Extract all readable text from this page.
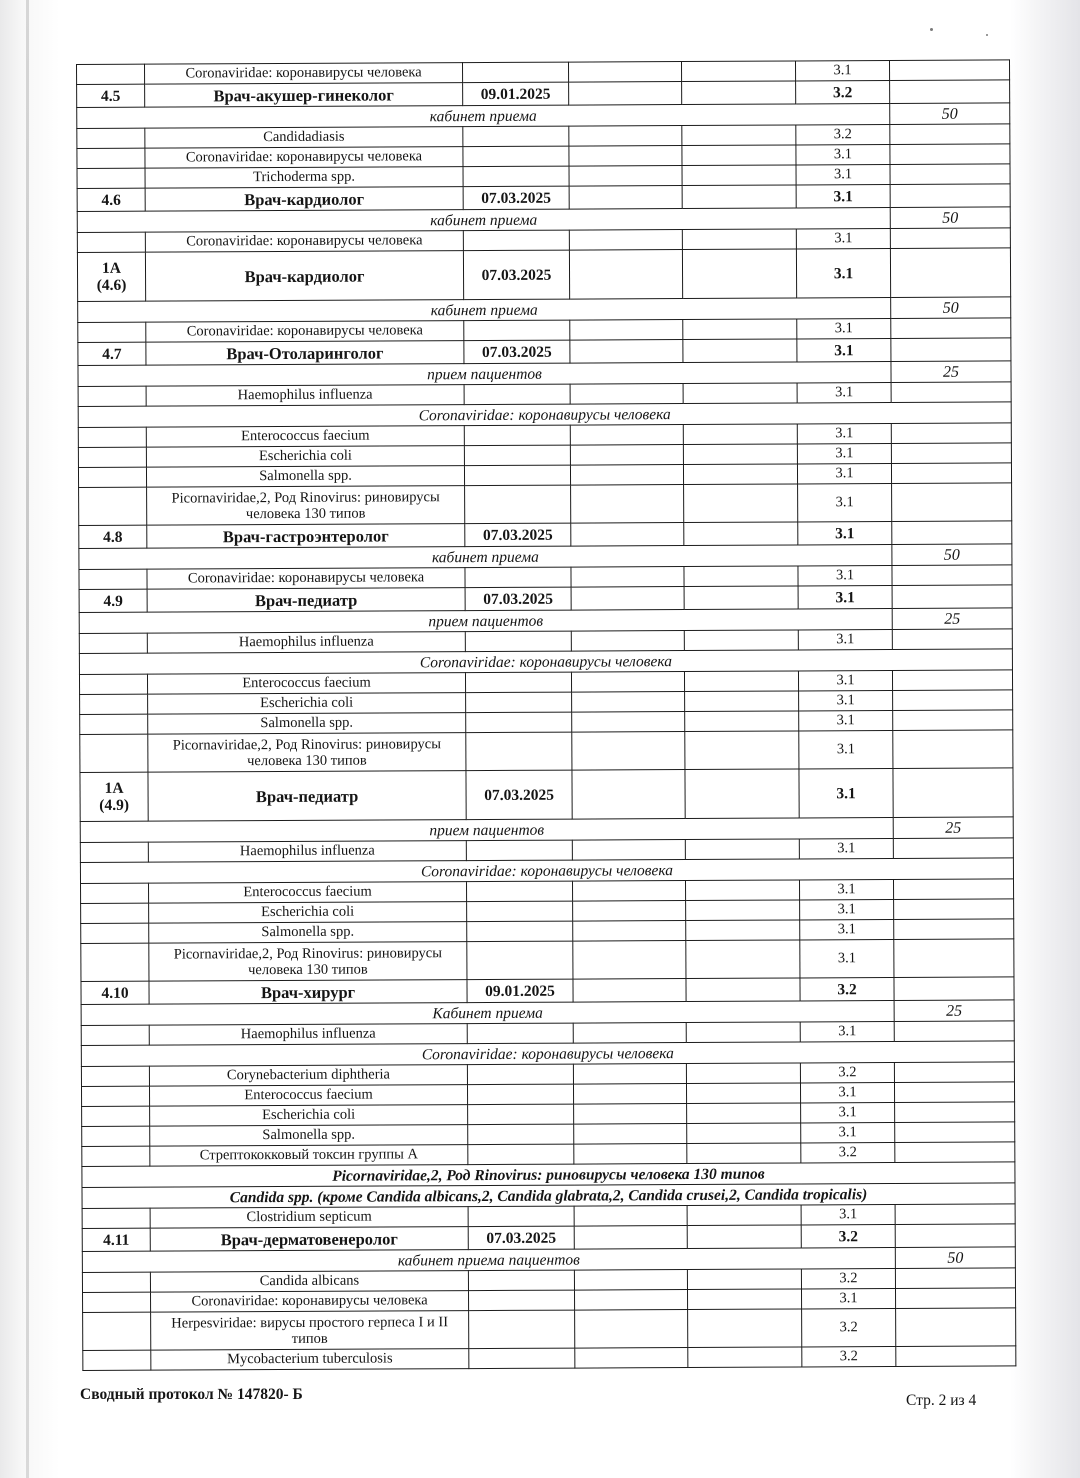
	Coronaviridae: коронавирусы человека				3.1	
4.5	Врач-акушер-гинеколог	09.01.2025			3.2	
кабинет приема						50
	Candidadiasis				3.2	
	Coronaviridae: коронавирусы человека				3.1	
	Trichoderma spp.				3.1	
4.6	Врач-кардиолог	07.03.2025			3.1	
кабинет приема						50
	Coronaviridae: коронавирусы человека				3.1	
1А
(4.6)	Врач-кардиолог	07.03.2025			3.1	
кабинет приема						50
	Coronaviridae: коронавирусы человека				3.1	
4.7	Врач-Отоларинголог	07.03.2025			3.1	
прием пациентов						25
	Haemophilus influenza				3.1	
Coronaviridae: коронавирусы человека						
	Enterococcus faecium				3.1	
	Escherichia coli				3.1	
	Salmonella spp.				3.1	
	Picornaviridae,2, Род Rinovirus: риновирусы человека 130 типов				3.1	
4.8	Врач-гастроэнтеролог	07.03.2025			3.1	
кабинет приема						50
	Coronaviridae: коронавирусы человека				3.1	
4.9	Врач-педиатр	07.03.2025			3.1	
прием пациентов						25
	Haemophilus influenza				3.1	
Coronaviridae: коронавирусы человека						
	Enterococcus faecium				3.1	
	Escherichia coli				3.1	
	Salmonella spp.				3.1	
	Picornaviridae,2, Род Rinovirus: риновирусы человека 130 типов				3.1	
1А
(4.9)	Врач-педиатр	07.03.2025			3.1	
прием пациентов						25
	Haemophilus influenza				3.1	
Coronaviridae: коронавирусы человека						
	Enterococcus faecium				3.1	
	Escherichia coli				3.1	
	Salmonella spp.				3.1	
	Picornaviridae,2, Род Rinovirus: риновирусы человека 130 типов				3.1	
4.10	Врач-хирург	09.01.2025			3.2	
Кабинет приема						25
	Haemophilus influenza				3.1	
Coronaviridae: коронавирусы человека						
	Corynebacterium diphtheria				3.2	
	Enterococcus faecium				3.1	
	Escherichia coli				3.1	
	Salmonella spp.				3.1	
	Стрептококковый токсин группы А				3.2	
Picornaviridae,2, Род Rinovirus: риновирусы человека 130 типов						
Candida spp. (кроме Candida albicans,2, Candida glabrata,2, Candida crusei,2, Candida tropicalis)						
	Clostridium septicum				3.1	
4.11	Врач-дерматовенеролог	07.03.2025			3.2	
кабинет приема пациентов						50
	Candida albicans				3.2	
	Coronaviridae: коронавирусы человека				3.1	
	Herpesviridae: вирусы простого герпеса I и II типов				3.2	
	Mycobacterium tuberculosis				3.2	
Сводный протокол № 147820- Б	Стр. 2 из 4
